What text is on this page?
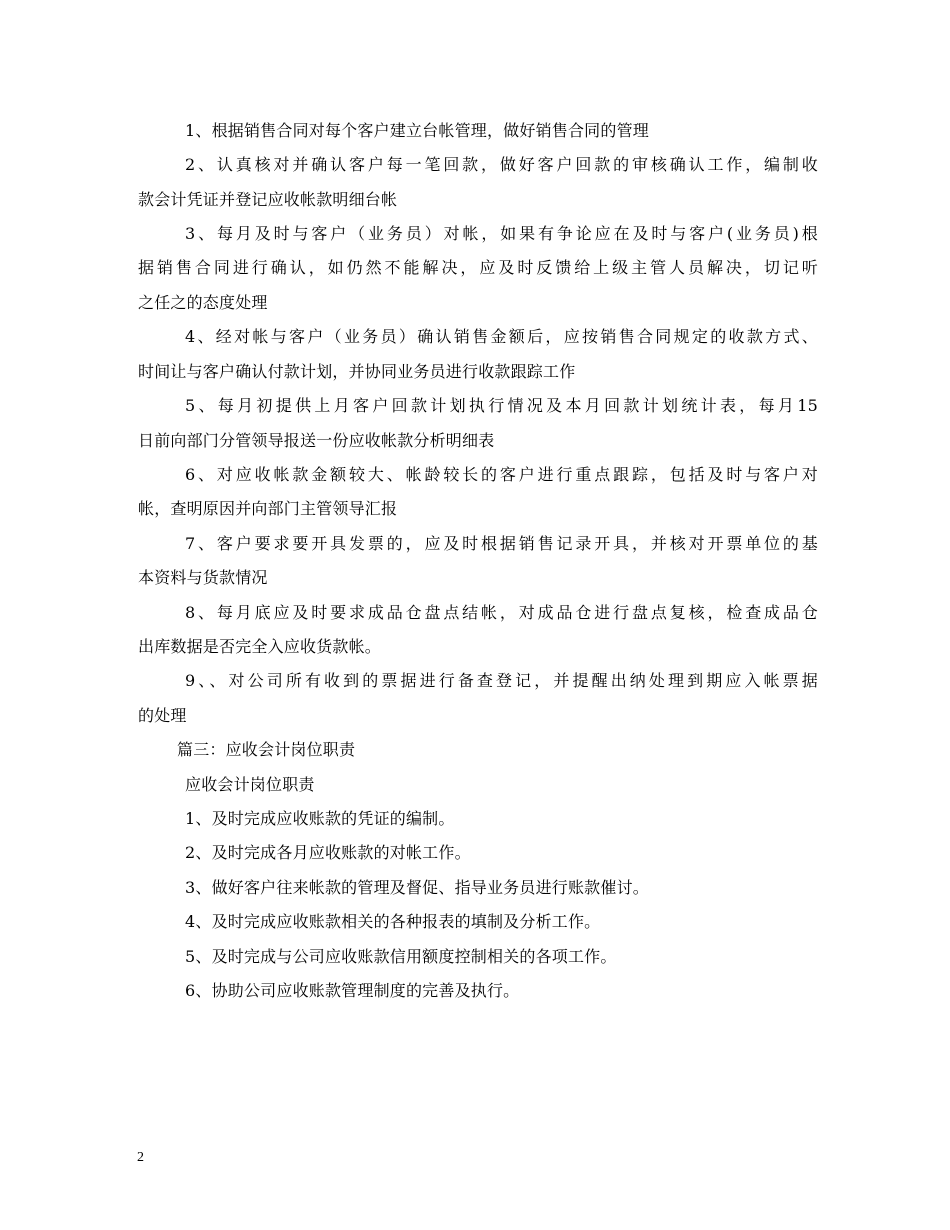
1、根据销售合同对每个客户建立台帐管理，做好销售合同的管理
2、认真核对并确认客户每一笔回款，做好客户回款的审核确认工作，编制收
款会计凭证并登记应收帐款明细台帐
3、每月及时与客户（业务员）对帐，如果有争论应在及时与客户(业务员)根
据销售合同进行确认，如仍然不能解决，应及时反馈给上级主管人员解决，切记听
之任之的态度处理
4、经对帐与客户（业务员）确认销售金额后，应按销售合同规定的收款方式、
时间让与客户确认付款计划，并协同业务员进行收款跟踪工作
5、每月初提供上月客户回款计划执行情况及本月回款计划统计表，每月15
日前向部门分管领导报送一份应收帐款分析明细表
6、对应收帐款金额较大、帐龄较长的客户进行重点跟踪，包括及时与客户对
帐，查明原因并向部门主管领导汇报
7、客户要求要开具发票的，应及时根据销售记录开具，并核对开票单位的基
本资料与货款情况
8、每月底应及时要求成品仓盘点结帐，对成品仓进行盘点复核，检查成品仓
出库数据是否完全入应收货款帐。
9、、对公司所有收到的票据进行备查登记，并提醒出纳处理到期应入帐票据
的处理
篇三：应收会计岗位职责
应收会计岗位职责
1、及时完成应收账款的凭证的编制。
2、及时完成各月应收账款的对帐工作。
3、做好客户往来帐款的管理及督促、指导业务员进行账款催讨。
4、及时完成应收账款相关的各种报表的填制及分析工作。
5、及时完成与公司应收账款信用额度控制相关的各项工作。
6、协助公司应收账款管理制度的完善及执行。
2
